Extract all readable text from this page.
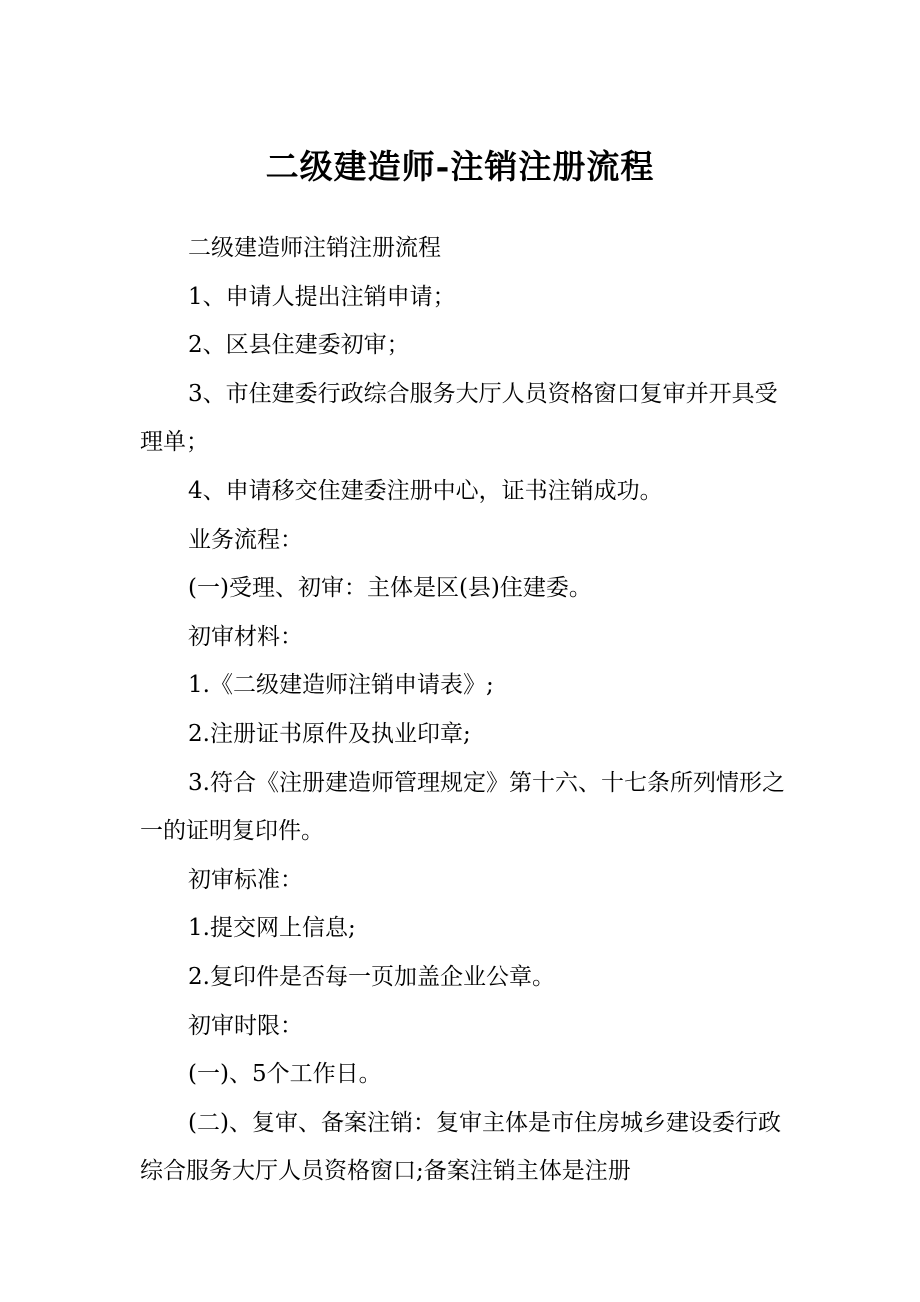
二级建造师-注销注册流程

二级建造师注销注册流程

1、申请人提出注销申请；

2、区县住建委初审；

3、市住建委行政综合服务大厅人员资格窗口复审并开具受理单；

4、申请移交住建委注册中心，证书注销成功。

业务流程：

(一)受理、初审：主体是区(县)住建委。

初审材料：

1.《二级建造师注销申请表》;

2.注册证书原件及执业印章;

3.符合《注册建造师管理规定》第十六、十七条所列情形之一的证明复印件。

初审标准：

1.提交网上信息;

2.复印件是否每一页加盖企业公章。

初审时限：

(一)、5个工作日。

(二)、复审、备案注销：复审主体是市住房城乡建设委行政综合服务大厅人员资格窗口;备案注销主体是注册
